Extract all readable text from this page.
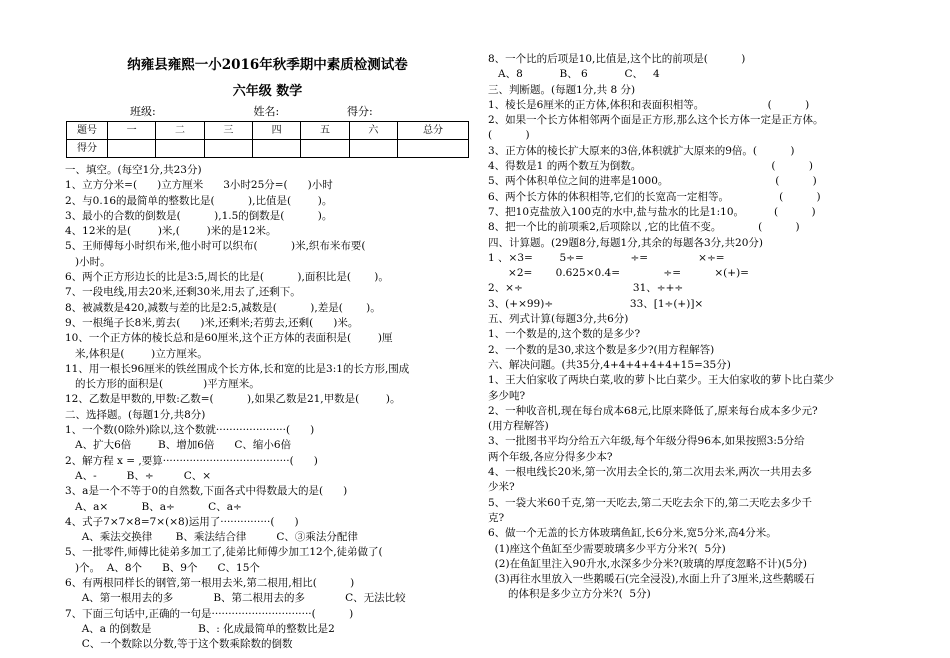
纳雍县雍熙一小2016年秋季期中素质检测试卷
六年级 数学
班级:	姓名:	得分:
题号	一	二	三	四	五	六	总分
得分							
一、填空。(每空1分,共23分)
1、立方分米=(      )立方厘米      3小时25分=(      )小时
2、与0.16的最简单的整数比是(          ),比值是(        )。
3、最小的合数的倒数是(          ),1.5的倒数是(          )。
4、12米的是(        )米,(        )米的是12米。
5、王师傅每小时织布米,他小时可以织布(          )米,织布米布要(
)小时。
6、两个正方形边长的比是3:5,周长的比是(          ),面积比是(       )。
7、一段电线,用去20米,还剩30米,用去了,还剩下。
8、被减数是420,减数与差的比是2:5,减数是(          ),差是(       )。
9、一根绳子长8米,剪去(      )米,还剩米;若剪去,还剩(      )米。
10、一个正方体的棱长总和是60厘米,这个正方体的表面积是(        )厘
米,体积是(        )立方厘米。
11、用一根长96厘米的铁丝围成个长方体,长和宽的比是3:1的长方形,围成
的长方形的面积是(            )平方厘米。
12、乙数是甲数的,甲数:乙数=(          ),如果乙数是21,甲数是(        )。
二、选择题。(每题1分,共8分)
1、一个数(0除外)除以,这个数就·····················(      )
A、扩大6倍        B、增加6倍      C、缩小6倍
2、解方程 x = ,要算······································(      )
A、-         B、÷         C、×
3、a是一个不等于0的自然数,下面各式中得数最大的是(      )
A、a×          B、a÷          C、a÷
4、式子7×7×8=7×(×8)运用了···············(      )
A、乘法交换律       B、乘法结合律         C、③乘法分配律
5、一批零件,师傅比徒弟多加工了,徒弟比师傅少加工12个,徒弟做了(
)个。  A、8个      B、9个      C、15个
6、有两根同样长的钢管,第一根用去米,第二根用,相比(          )
A、第一根用去的多            B、第二根用去的多            C、无法比较
7、下面三句话中,正确的一句是······························(          )
A、a 的倒数是              B、: 化成最简单的整数比是2
C、一个数除以分数,等于这个数乘除数的倒数
8、一个比的后项是10,比值是,这个比的前项是(          )
A、8           B、 6           C、   4
三、判断题。(每题1分,共 8 分)
1、棱长是6厘米的正方体,体积和表面积相等。                   (          )
2、如果一个长方体相邻两个面是正方形,那么这个长方体一定是正方体。
(          )
3、正方体的棱长扩大原来的3倍,体积就扩大原来的9倍。(          )
4、得数是1 的两个数互为倒数。                                       (          )
5、两个体积单位之间的进率是1000。                                (          )
6、两个长方体的体积相等,它们的长宽高一定相等。               (          )
7、把10克盐放入100克的水中,盐与盐水的比是1:10。         (          )
8、把一个比的前项乘2,后项除以 ,它的比值不变。           (          )
四、计算题。(29题8分,每题1分,其余的每题各3分,共20分)
1 、×3=        5÷=              ÷=               ×÷=
×2=       0.625×0.4=             ÷=          ×(+)=
2、×÷                                 31、÷+÷
3、(+×99)÷                       33、[1÷(+)]×
五、列式计算(每题3分,共6分)
1、一个数是的,这个数的是多少?
2、一个数的是30,求这个数是多少?(用方程解答)
六、解决问题。(共35分,4+4+4+4+4+15=35分)
1、王大伯家收了两块白菜,收的萝卜比白菜少。王大伯家收的萝卜比白菜少
多少吨?
2、一种收音机,现在每台成本68元,比原来降低了,原来每台成本多少元?
(用方程解答)
3、一批图书平均分给五六年级,每个年级分得96本,如果按照3:5分给
两个年级,各应分得多少本?
4、一根电线长20米,第一次用去全长的,第二次用去米,两次一共用去多
少米?
5、一袋大米60千克,第一天吃去,第二天吃去余下的,第二天吃去多少千
克?
6、做一个无盖的长方体玻璃鱼缸,长6分米,宽5分米,高4分米。
(1)座这个鱼缸至少需要玻璃多少平方分米?(  5分)
(2)在鱼缸里注入90升水,水深多少分米?(玻璃的厚度忽略不计)(5分)
(3)再往水里放入一些鹅暖石(完全浸没),水面上升了3厘米,这些鹅暖石
的体积是多少立方分米?(  5分)
